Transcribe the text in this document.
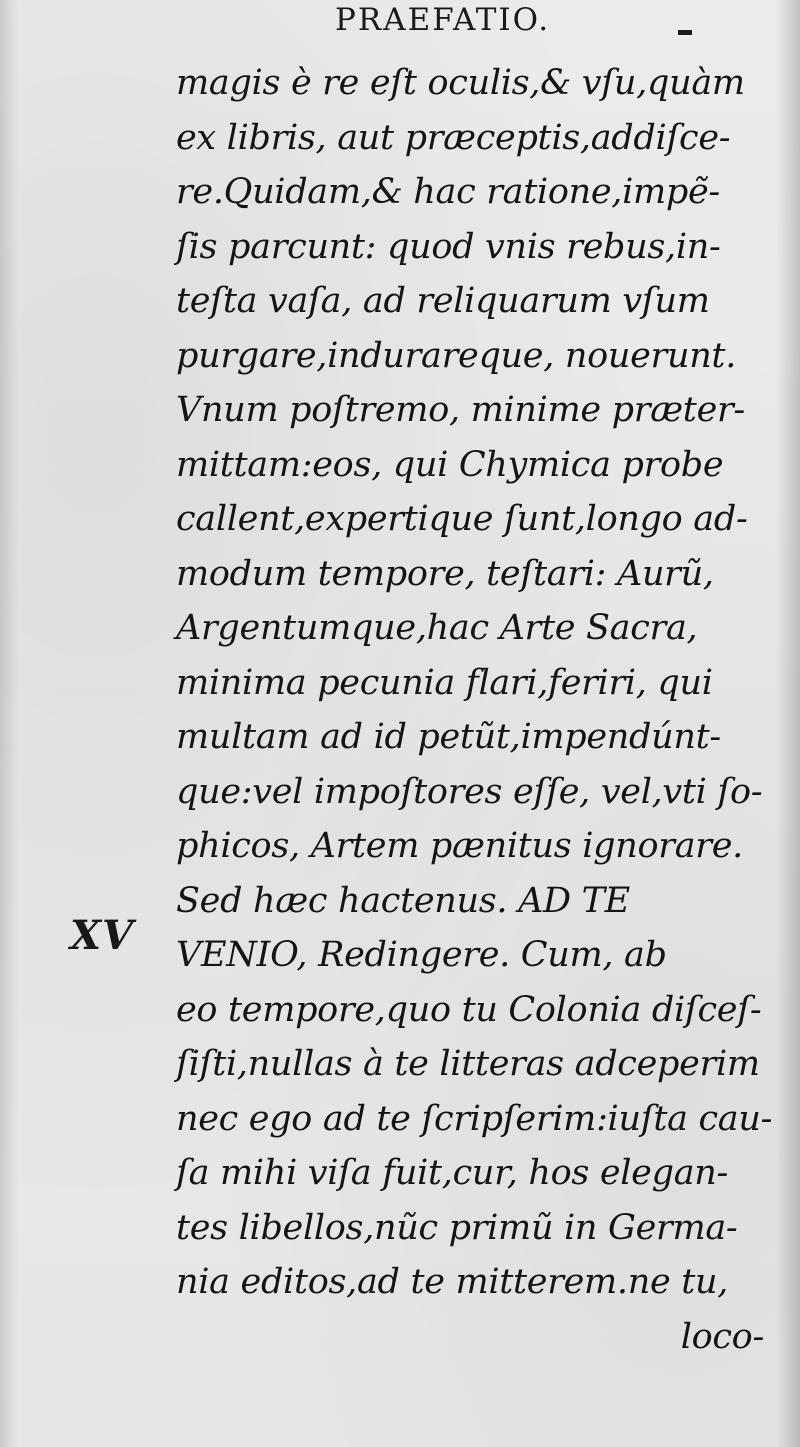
PRAEFATIO.
XV
magis è re eſt oculis,& vſu,quàm
ex libris, aut præceptis,addiſce-
re.Quidam,& hac ratione,impẽ-
ſis parcunt: quod vnis rebus,in-
teſta vaſa, ad reliquarum vſum
purgare,indurareque, nouerunt.
Vnum poſtremo, minime præter-
mittam:eos, qui Chymica probe
callent,expertique ſunt,longo ad-
modum tempore, teſtari: Aurũ,
Argentumque,hac Arte Sacra,
minima pecunia flari,feriri, qui
multam ad id petũt,impendúnt-
que:vel impoſtores eſſe, vel,vti ſo-
phicos, Artem pænitus ignorare.
Sed hæc hactenus. AD TE
VENIO, Redingere. Cum, ab
eo tempore,quo tu Colonia diſceſ-
ſiſti,nullas à te litteras adceperim
nec ego ad te ſcripſerim:iuſta cau-
ſa mihi viſa fuit,cur, hos elegan-
tes libellos,nũc primũ in Germa-
nia editos,ad te mitterem.ne tu,
loco-
